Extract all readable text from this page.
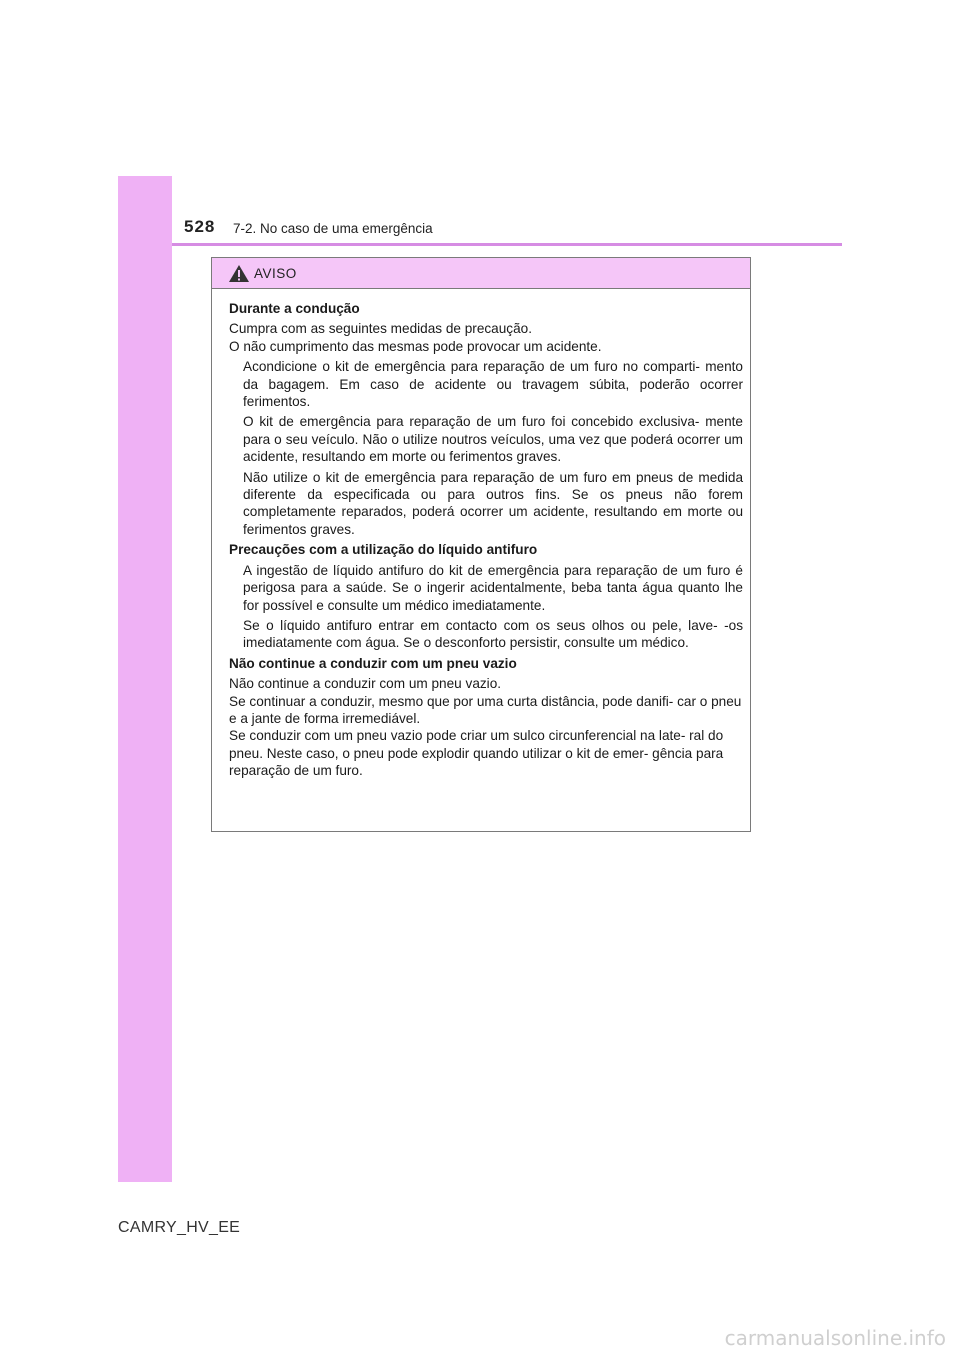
528 7-2. No caso de uma emergência
AVISO

Durante a condução

Cumpra com as seguintes medidas de precaução.
O não cumprimento das mesmas pode provocar um acidente.

Acondicione o kit de emergência para reparação de um furo no comparti- mento da bagagem. Em caso de acidente ou travagem súbita, poderão ocorrer ferimentos.

O kit de emergência para reparação de um furo foi concebido exclusiva- mente para o seu veículo. Não o utilize noutros veículos, uma vez que poderá ocorrer um acidente, resultando em morte ou ferimentos graves.

Não utilize o kit de emergência para reparação de um furo em pneus de medida diferente da especificada ou para outros fins. Se os pneus não forem completamente reparados, poderá ocorrer um acidente, resultando em morte ou ferimentos graves.

Precauções com a utilização do líquido antifuro

A ingestão de líquido antifuro do kit de emergência para reparação de um furo é perigosa para a saúde. Se o ingerir acidentalmente, beba tanta água quanto lhe for possível e consulte um médico imediatamente.

Se o líquido antifuro entrar em contacto com os seus olhos ou pele, lave- -os imediatamente com água. Se o desconforto persistir, consulte um médico.

Não continue a conduzir com um pneu vazio

Não continue a conduzir com um pneu vazio.
Se continuar a conduzir, mesmo que por uma curta distância, pode danifi- car o pneu e a jante de forma irremediável.
Se conduzir com um pneu vazio pode criar um sulco circunferencial na late- ral do pneu. Neste caso, o pneu pode explodir quando utilizar o kit de emer- gência para reparação de um furo.

CAMRY_HV_EE
carmanualsonline.info
